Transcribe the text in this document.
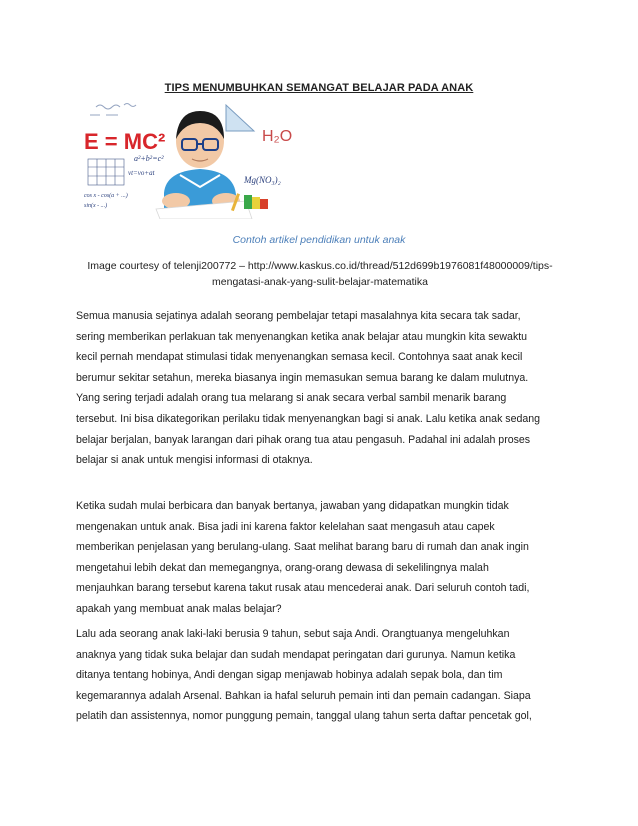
TIPS MENUMBUHKAN SEMANGAT BELAJAR PADA ANAK
E = MC²
a²+b²=c²
vt=vo+at
cos x - cos(a + ...)
sin(x - ...)
H₂O
Mg(NO₃)₂
Contoh artikel pendidikan untuk anak
Image courtesy of telenji200772 – http://www.kaskus.co.id/thread/512d699b1976081f48000009/tips-
mengatasi-anak-yang-sulit-belajar-matematika

Semua manusia sejatinya adalah seorang pembelajar tetapi masalahnya kita secara tak sadar,
sering memberikan perlakuan tak menyenangkan ketika anak belajar atau mungkin kita sewaktu
kecil pernah mendapat stimulasi tidak menyenangkan semasa kecil. Contohnya saat anak kecil
berumur sekitar setahun, mereka biasanya ingin memasukan semua barang ke dalam mulutnya.
Yang sering terjadi adalah orang tua melarang si anak secara verbal sambil menarik barang
tersebut. Ini bisa dikategorikan perilaku tidak menyenangkan bagi si anak. Lalu ketika anak sedang
belajar berjalan, banyak larangan dari pihak orang tua atau pengasuh. Padahal ini adalah proses
belajar si anak untuk mengisi informasi di otaknya.

Ketika sudah mulai berbicara dan banyak bertanya, jawaban yang didapatkan mungkin tidak
mengenakan untuk anak. Bisa jadi ini karena faktor kelelahan saat mengasuh atau capek
memberikan penjelasan yang berulang-ulang. Saat melihat barang baru di rumah dan anak ingin
mengetahui lebih dekat dan memegangnya, orang-orang dewasa di sekelilingnya malah
menjauhkan barang tersebut karena takut rusak atau mencederai anak. Dari seluruh contoh tadi,
apakah yang membuat anak malas belajar?

Lalu ada seorang anak laki-laki berusia 9 tahun, sebut saja Andi. Orangtuanya mengeluhkan
anaknya yang tidak suka belajar dan sudah mendapat peringatan dari gurunya. Namun ketika
ditanya tentang hobinya, Andi dengan sigap menjawab hobinya adalah sepak bola, dan tim
kegemarannya adalah Arsenal. Bahkan ia hafal seluruh pemain inti dan pemain cadangan. Siapa
pelatih dan assistennya, nomor punggung pemain, tanggal ulang tahun serta daftar pencetak gol,
